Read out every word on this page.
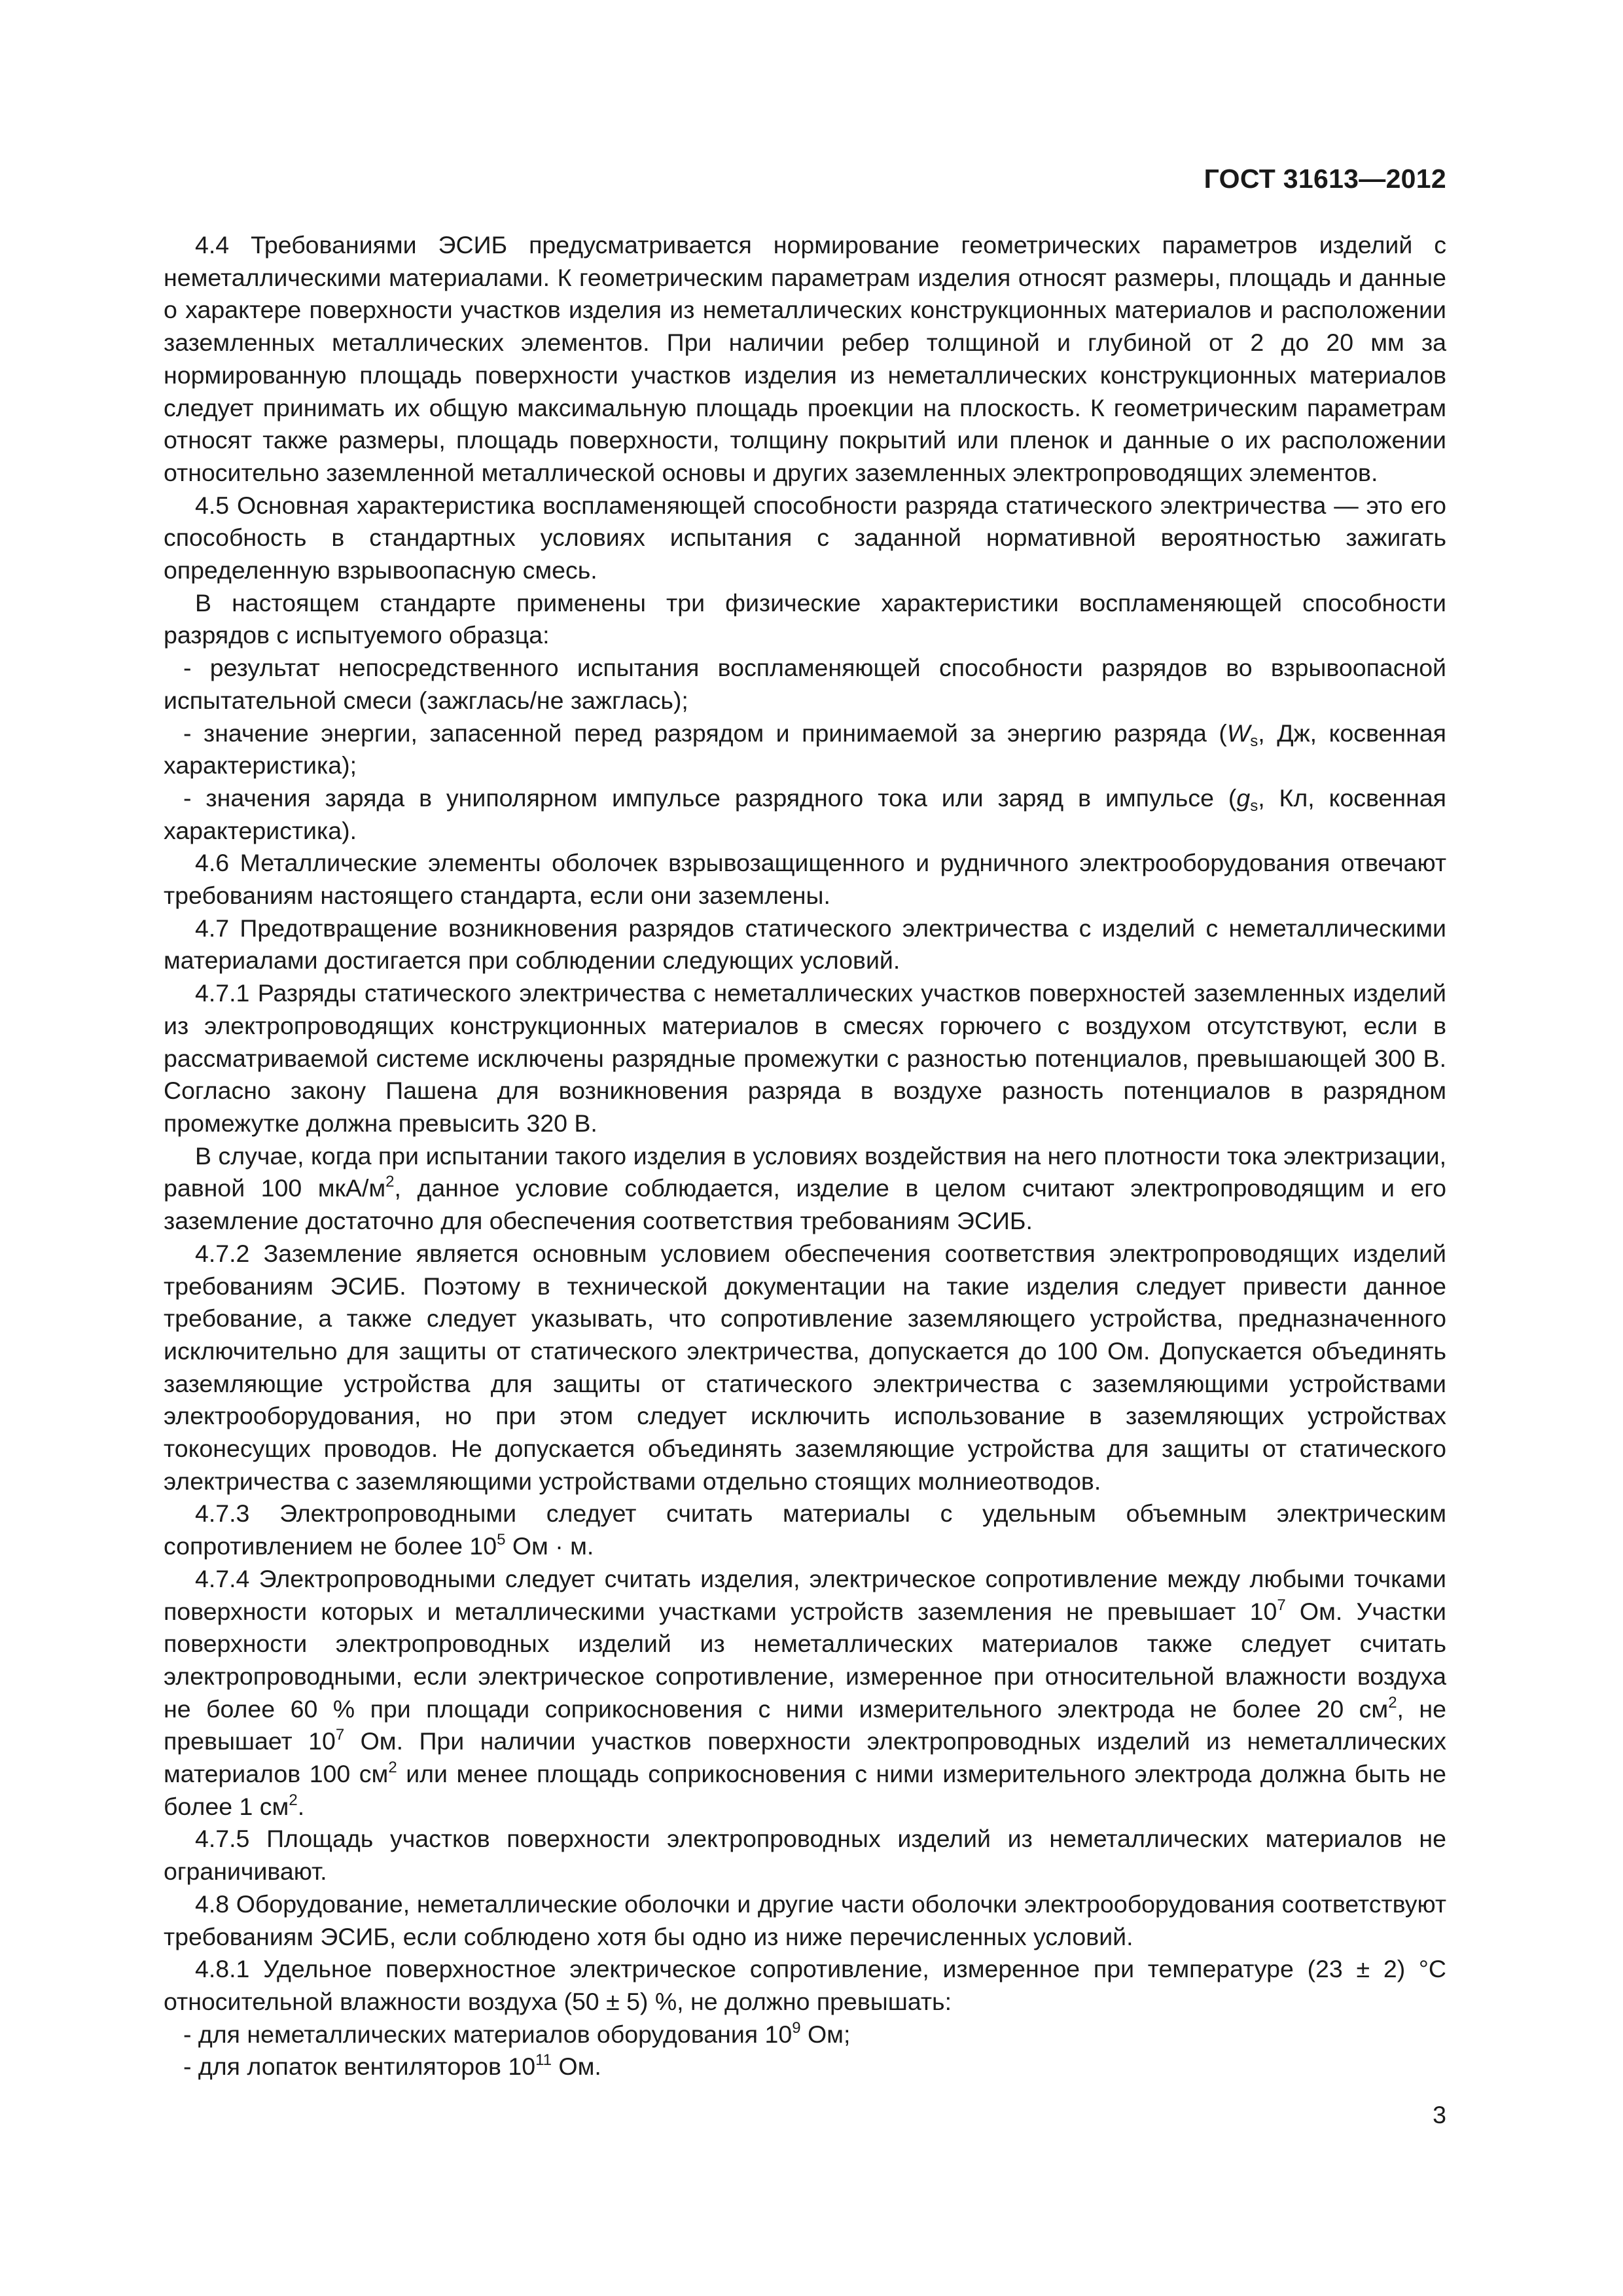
ГОСТ 31613—2012

4.4 Требованиями ЭСИБ предусматривается нормирование геометрических параметров изделий с неметаллическими материалами. К геометрическим параметрам изделия относят размеры, площадь и данные о характере поверхности участков изделия из неметаллических конструкционных материалов и расположении заземленных металлических элементов. При наличии ребер толщиной и глубиной от 2 до 20 мм за нормированную площадь поверхности участков изделия из неметаллических конструкционных материалов следует принимать их общую максимальную площадь проекции на плоскость. К геометрическим параметрам относят также размеры, площадь поверхности, толщину покрытий или пленок и данные о их расположении относительно заземленной металлической основы и других заземленных электропроводящих элементов.

4.5 Основная характеристика воспламеняющей способности разряда статического электричества — это его способность в стандартных условиях испытания с заданной нормативной вероятностью зажигать определенную взрывоопасную смесь.

В настоящем стандарте применены три физические характеристики воспламеняющей способности разрядов с испытуемого образца:

- результат непосредственного испытания воспламеняющей способности разрядов во взрывоопасной испытательной смеси (зажглась/не зажглась);

- значение энергии, запасенной перед разрядом и принимаемой за энергию разряда ($W_s$, Дж, косвенная характеристика);

- значения заряда в униполярном импульсе разрядного тока или заряд в импульсе ($g_s$, Кл, косвенная характеристика).

4.6 Металлические элементы оболочек взрывозащищенного и рудничного электрооборудования отвечают требованиям настоящего стандарта, если они заземлены.

4.7 Предотвращение возникновения разрядов статического электричества с изделий с неметаллическими материалами достигается при соблюдении следующих условий.

4.7.1 Разряды статического электричества с неметаллических участков поверхностей заземленных изделий из электропроводящих конструкционных материалов в смесях горючего с воздухом отсутствуют, если в рассматриваемой системе исключены разрядные промежутки с разностью потенциалов, превышающей 300 В. Согласно закону Пашена для возникновения разряда в воздухе разность потенциалов в разрядном промежутке должна превысить 320 В.

В случае, когда при испытании такого изделия в условиях воздействия на него плотности тока электризации, равной 100 мкА/$м^2$, данное условие соблюдается, изделие в целом считают электропроводящим и его заземление достаточно для обеспечения соответствия требованиям ЭСИБ.

4.7.2 Заземление является основным условием обеспечения соответствия электропроводящих изделий требованиям ЭСИБ. Поэтому в технической документации на такие изделия следует привести данное требование, а также следует указывать, что сопротивление заземляющего устройства, предназначенного исключительно для защиты от статического электричества, допускается до 100 Ом. Допускается объединять заземляющие устройства для защиты от статического электричества с заземляющими устройствами электрооборудования, но при этом следует исключить использование в заземляющих устройствах токонесущих проводов. Не допускается объединять заземляющие устройства для защиты от статического электричества с заземляющими устройствами отдельно стоящих молниеотводов.

4.7.3 Электропроводными следует считать материалы с удельным объемным электрическим сопротивлением не более $10^5$ Ом · м.

4.7.4 Электропроводными следует считать изделия, электрическое сопротивление между любыми точками поверхности которых и металлическими участками устройств заземления не превышает $10^7$ Ом. Участки поверхности электропроводных изделий из неметаллических материалов также следует считать электропроводными, если электрическое сопротивление, измеренное при относительной влажности воздуха не более 60 % при площади соприкосновения с ними измерительного электрода не более 20 $см^2$, не превышает $10^7$ Ом. При наличии участков поверхности электропроводных изделий из неметаллических материалов 100 $см^2$ или менее площадь соприкосновения с ними измерительного электрода должна быть не более 1 $см^2$.

4.7.5 Площадь участков поверхности электропроводных изделий из неметаллических материалов не ограничивают.

4.8 Оборудование, неметаллические оболочки и другие части оболочки электрооборудования соответствуют требованиям ЭСИБ, если соблюдено хотя бы одно из ниже перечисленных условий.

4.8.1 Удельное поверхностное электрическое сопротивление, измеренное при температуре (23 ± 2) °С относительной влажности воздуха (50 ± 5) %, не должно превышать:

- для неметаллических материалов оборудования $10^9$ Ом;

- для лопаток вентиляторов $10^{11}$ Ом.

3
